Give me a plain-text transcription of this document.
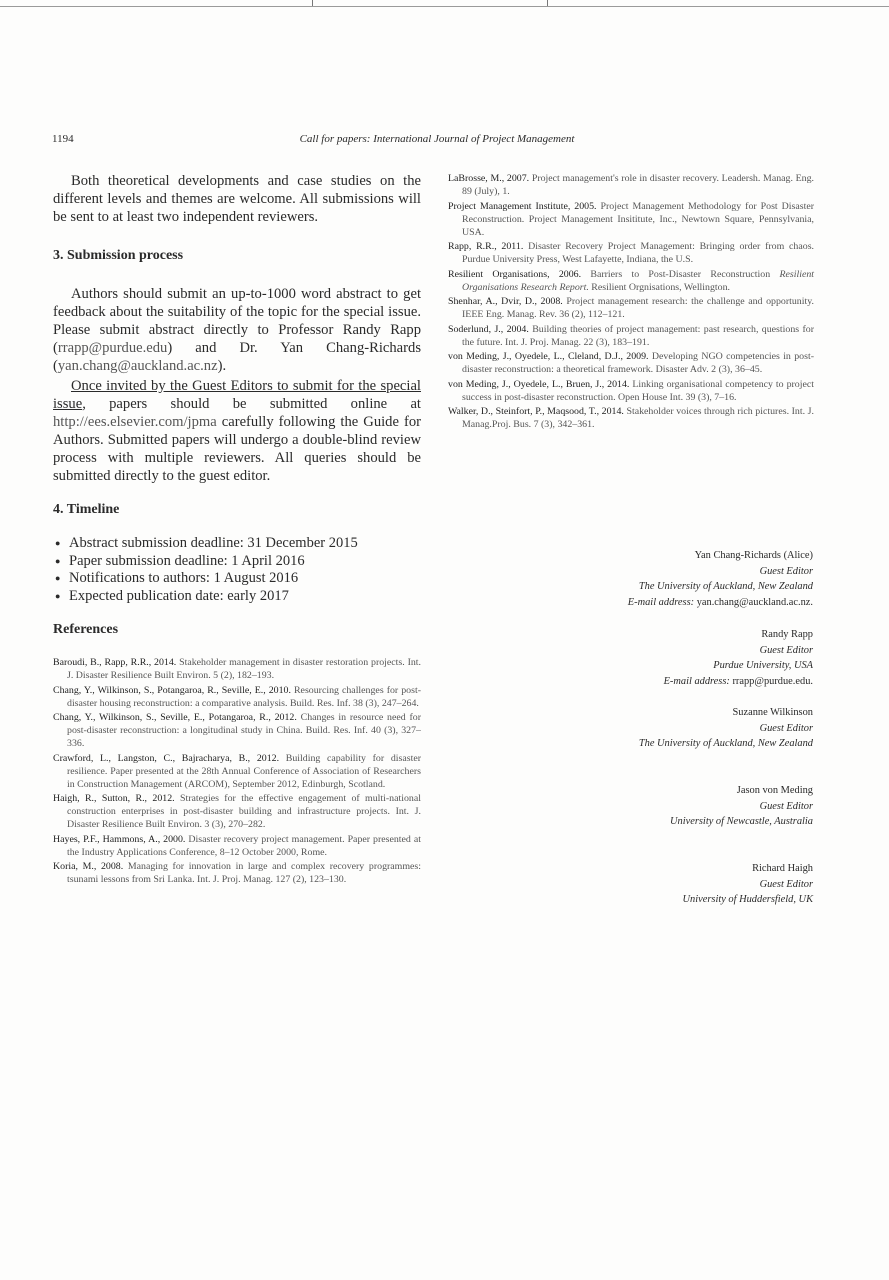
1194	Call for papers: International Journal of Project Management

Both theoretical developments and case studies on the different levels and themes are welcome. All submissions will be sent to at least two independent reviewers.

3. Submission process

Authors should submit an up-to-1000 word abstract to get feedback about the suitability of the topic for the special issue. Please submit abstract directly to Professor Randy Rapp (rrapp@purdue.edu) and Dr. Yan Chang-Richards (yan.chang@auckland.ac.nz).

Once invited by the Guest Editors to submit for the special issue, papers should be submitted online at http://ees.elsevier.com/jpma carefully following the Guide for Authors. Submitted papers will undergo a double-blind review process with multiple reviewers. All queries should be submitted directly to the guest editor.

4. Timeline
● Abstract submission deadline: 31 December 2015
● Paper submission deadline: 1 April 2016
● Notifications to authors: 1 August 2016
● Expected publication date: early 2017
References
Baroudi, B., Rapp, R.R., 2014. Stakeholder management in disaster restoration projects. Int. J. Disaster Resilience Built Environ. 5 (2), 182–193.
Chang, Y., Wilkinson, S., Potangaroa, R., Seville, E., 2010. Resourcing challenges for post-disaster housing reconstruction: a comparative analysis. Build. Res. Inf. 38 (3), 247–264.
Chang, Y., Wilkinson, S., Seville, E., Potangaroa, R., 2012. Changes in resource need for post-disaster reconstruction: a longitudinal study in China. Build. Res. Inf. 40 (3), 327–336.
Crawford, L., Langston, C., Bajracharya, B., 2012. Building capability for disaster resilience. Paper presented at the 28th Annual Conference of Association of Researchers in Construction Management (ARCOM), September 2012, Edinburgh, Scotland.
Haigh, R., Sutton, R., 2012. Strategies for the effective engagement of multi-national construction enterprises in post-disaster building and infrastructure projects. Int. J. Disaster Resilience Built Environ. 3 (3), 270–282.
Hayes, P.F., Hammons, A., 2000. Disaster recovery project management. Paper presented at the Industry Applications Conference, 8–12 October 2000, Rome.
Koria, M., 2008. Managing for innovation in large and complex recovery programmes: tsunami lessons from Sri Lanka. Int. J. Proj. Manag. 127 (2), 123–130.
LaBrosse, M., 2007. Project management's role in disaster recovery. Leadersh. Manag. Eng. 89 (July), 1.
Project Management Institute, 2005. Project Management Methodology for Post Disaster Reconstruction. Project Management Insititute, Inc., Newtown Square, Pennsylvania, USA.
Rapp, R.R., 2011. Disaster Recovery Project Management: Bringing order from chaos. Purdue University Press, West Lafayette, Indiana, the U.S.
Resilient Organisations, 2006. Barriers to Post-Disaster Reconstruction Resilient Organisations Research Report. Resilient Orgnisations, Wellington.
Shenhar, A., Dvir, D., 2008. Project management research: the challenge and opportunity. IEEE Eng. Manag. Rev. 36 (2), 112–121.
Soderlund, J., 2004. Building theories of project management: past research, questions for the future. Int. J. Proj. Manag. 22 (3), 183–191.
von Meding, J., Oyedele, L., Cleland, D.J., 2009. Developing NGO competencies in post-disaster reconstruction: a theoretical framework. Disaster Adv. 2 (3), 36–45.
von Meding, J., Oyedele, L., Bruen, J., 2014. Linking organisational competency to project success in post-disaster reconstruction. Open House Int. 39 (3), 7–16.
Walker, D., Steinfort, P., Maqsood, T., 2014. Stakeholder voices through rich pictures. Int. J. Manag.Proj. Bus. 7 (3), 342–361.
Yan Chang-Richards (Alice)
Guest Editor
The University of Auckland, New Zealand
E-mail address: yan.chang@auckland.ac.nz.
Randy Rapp
Guest Editor
Purdue University, USA
E-mail address: rrapp@purdue.edu.
Suzanne Wilkinson
Guest Editor
The University of Auckland, New Zealand
Jason von Meding
Guest Editor
University of Newcastle, Australia
Richard Haigh
Guest Editor
University of Huddersfield, UK
